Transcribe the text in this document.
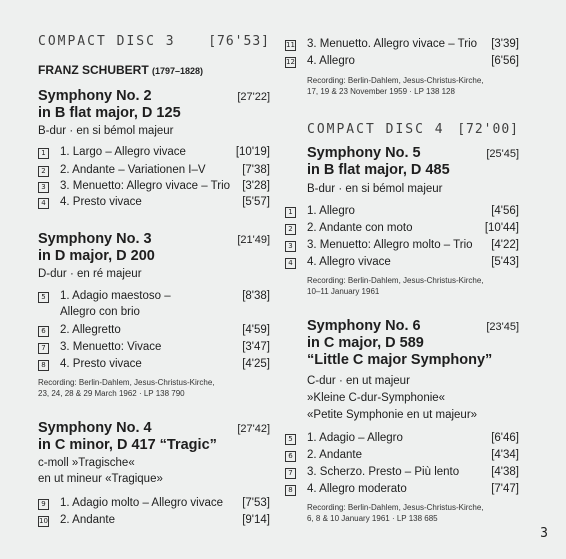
COMPACT DISC 3	[76'53]
FRANZ SCHUBERT (1797–1828)
Symphony No. 2	[27'22]
in B flat major, D 125
B-dur · en si bémol majeur
1 1. Largo – Allegro vivace	[10'19]
2 2. Andante – Variationen I–V	[7'38]
3 3. Menuetto: Allegro vivace – Trio [3'28]
4 4. Presto vivace	[5'57]
Symphony No. 3	[21'49]
in D major, D 200
D-dur · en ré majeur
5 1. Adagio maestoso –	[8'38]
Allegro con brio
6 2. Allegretto	[4'59]
7 3. Menuetto: Vivace	[3'47]
8 4. Presto vivace	[4'25]
Recording: Berlin-Dahlem, Jesus-Christus-Kirche,
23, 24, 28 & 29 March 1962 · LP 138 790
Symphony No. 4	[27'42]
in C minor, D 417 “Tragic”
c-moll »Tragische«
en ut mineur «Tragique»
9 1. Adagio molto – Allegro vivace [7'53]
10 2. Andante	[9'14]
11 3. Menuetto. Allegro vivace – Trio [3'39]
12 4. Allegro	[6'56]
Recording: Berlin-Dahlem, Jesus-Christus-Kirche,
17, 19 & 23 November 1959 · LP 138 128
COMPACT DISC 4 [72'00]
Symphony No. 5	[25'45]
in B flat major, D 485
B-dur · en si bémol majeur
1 1. Allegro	[4'56]
2 2. Andante con moto	[10'44]
3 3. Menuetto: Allegro molto – Trio [4'22]
4 4. Allegro vivace	[5'43]
Recording: Berlin-Dahlem, Jesus-Christus-Kirche,
10–11 January 1961
Symphony No. 6	[23'45]
in C major, D 589
“Little C major Symphony”
C-dur · en ut majeur
»Kleine C-dur-Symphonie«
«Petite Symphonie en ut majeur»
5 1. Adagio – Allegro	[6'46]
6 2. Andante	[4'34]
7 3. Scherzo. Presto – Più lento	[4'38]
8 4. Allegro moderato	[7'47]
Recording: Berlin-Dahlem, Jesus-Christus-Kirche,
6, 8 & 10 January 1961 · LP 138 685
3
